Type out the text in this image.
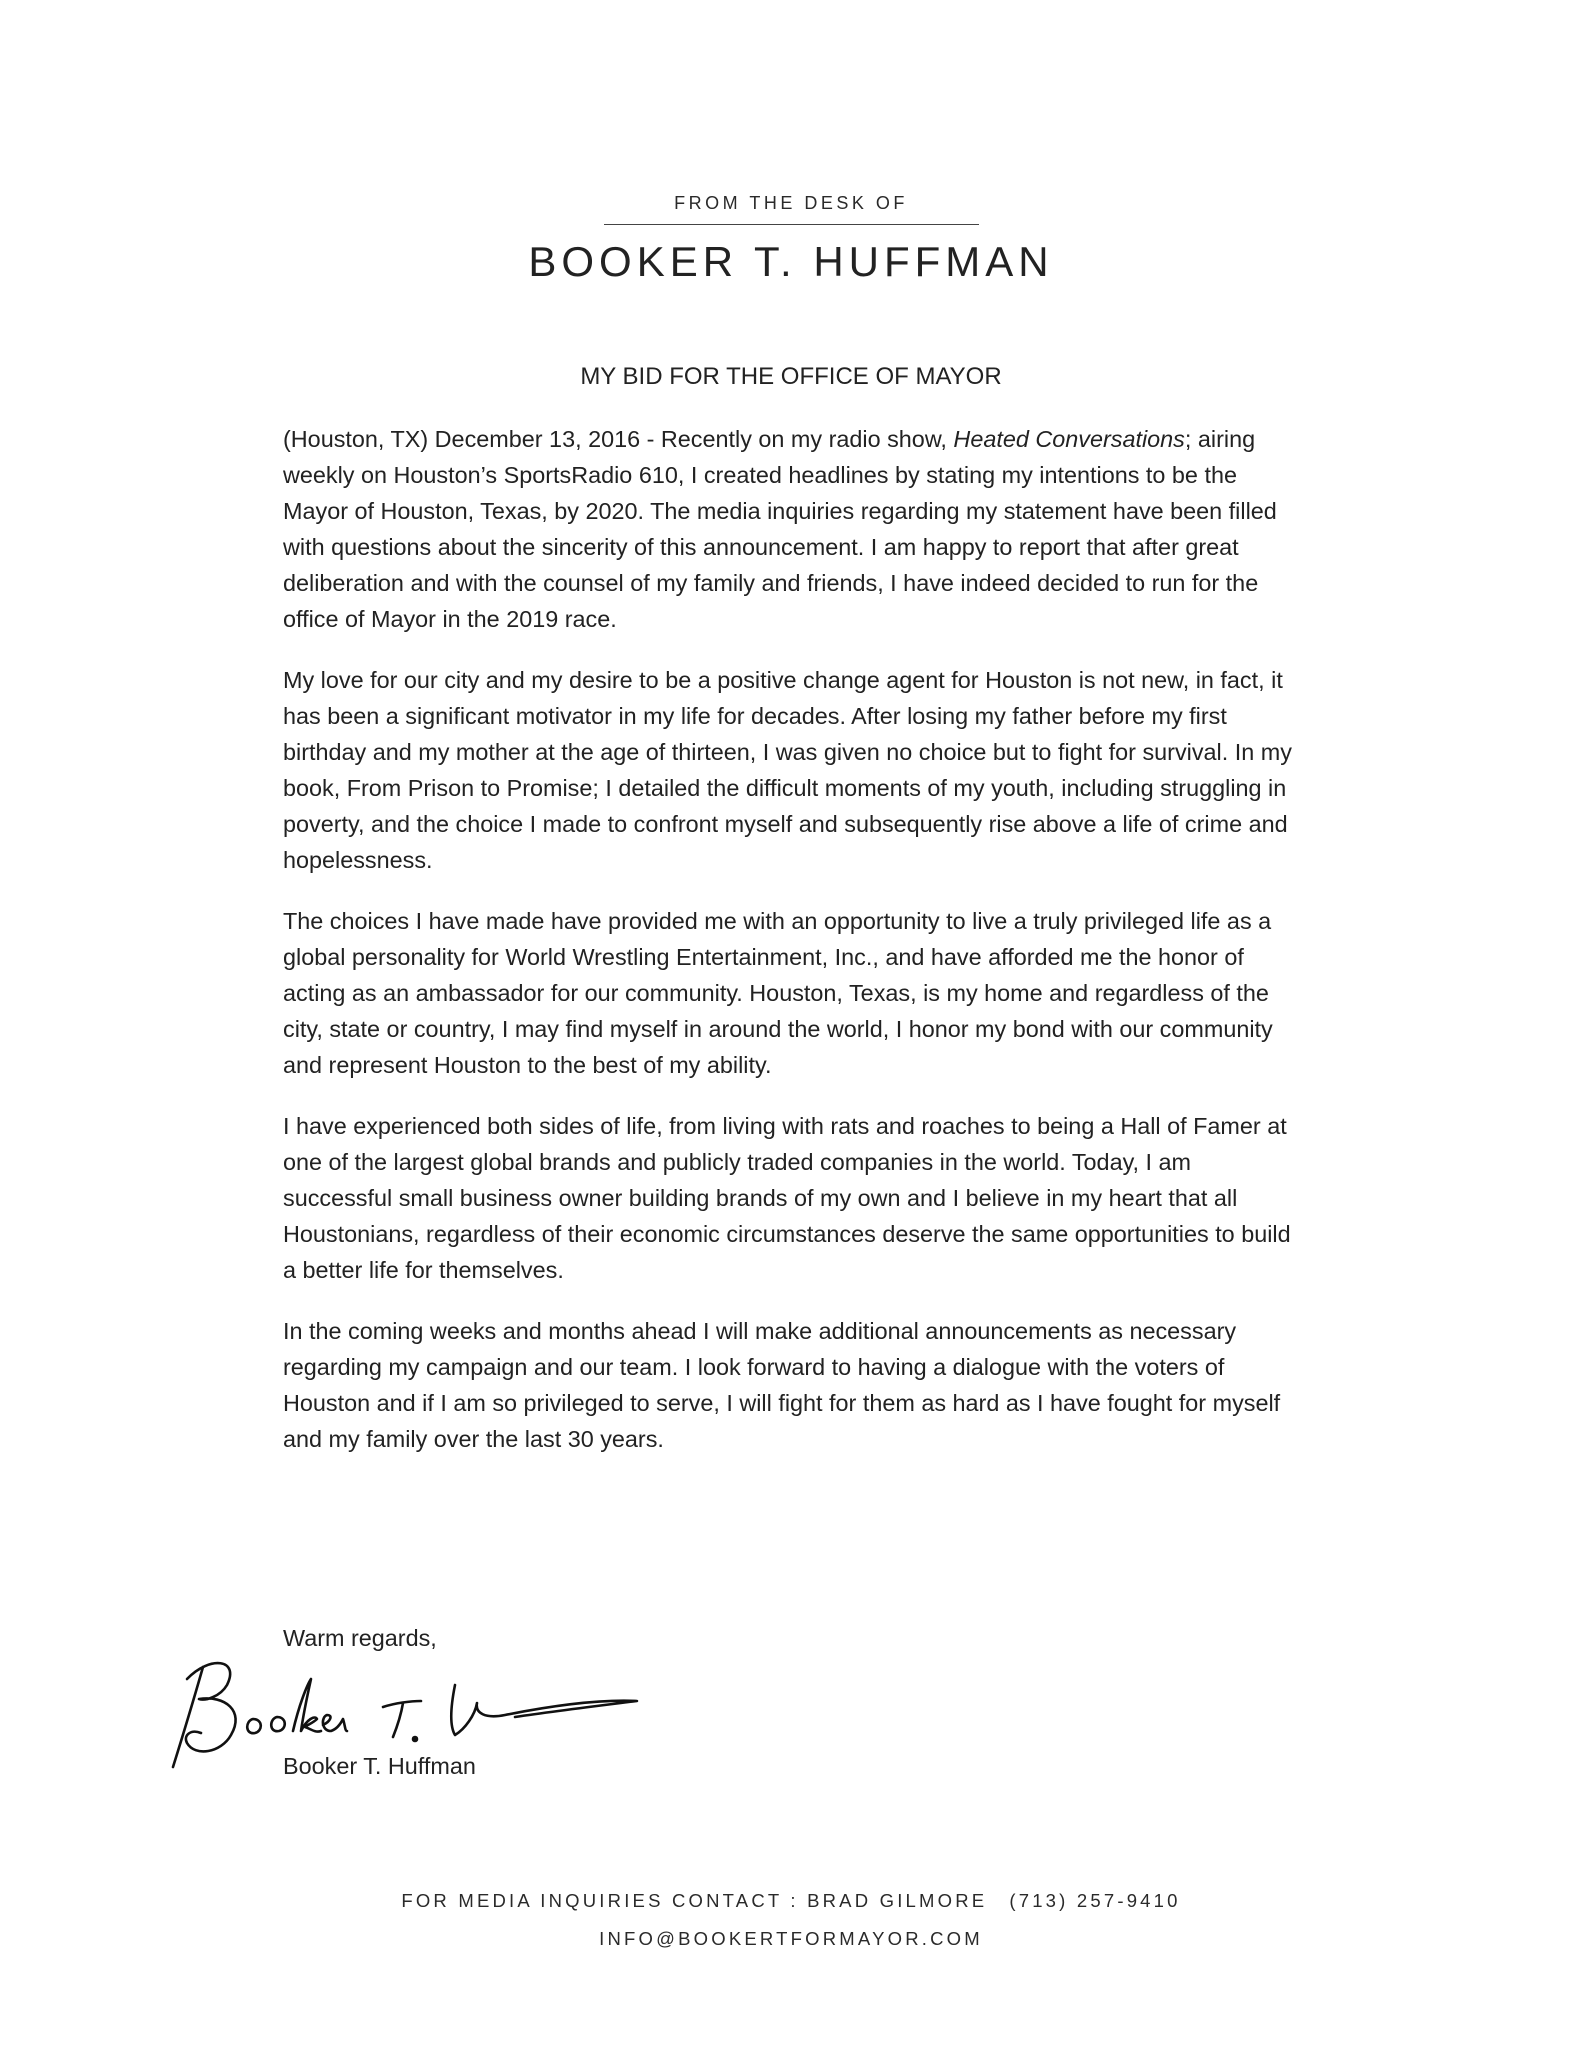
FROM THE DESK OF
BOOKER T. HUFFMAN
MY BID FOR THE OFFICE OF MAYOR

(Houston, TX) December 13, 2016 - Recently on my radio show, Heated Conversations; airing weekly on Houston’s SportsRadio 610, I created headlines by stating my intentions to be the Mayor of Houston, Texas, by 2020. The media inquiries regarding my statement have been filled with questions about the sincerity of this announcement. I am happy to report that after great deliberation and with the counsel of my family and friends, I have indeed decided to run for the office of Mayor in the 2019 race.

My love for our city and my desire to be a positive change agent for Houston is not new, in fact, it has been a significant motivator in my life for decades. After losing my father before my first birthday and my mother at the age of thirteen, I was given no choice but to fight for survival. In my book, From Prison to Promise; I detailed the difficult moments of my youth, including struggling in poverty, and the choice I made to confront myself and subsequently rise above a life of crime and hopelessness.

The choices I have made have provided me with an opportunity to live a truly privileged life as a global personality for World Wrestling Entertainment, Inc., and have afforded me the honor of acting as an ambassador for our community. Houston, Texas, is my home and regardless of the city, state or country, I may find myself in around the world, I honor my bond with our community and represent Houston to the best of my ability.

I have experienced both sides of life, from living with rats and roaches to being a Hall of Famer at one of the largest global brands and publicly traded companies in the world. Today, I am successful small business owner building brands of my own and I believe in my heart that all Houstonians, regardless of their economic circumstances deserve the same opportunities to build a better life for themselves.

In the coming weeks and months ahead I will make additional announcements as necessary regarding my campaign and our team. I look forward to having a dialogue with the voters of Houston and if I am so privileged to serve, I will fight for them as hard as I have fought for myself and my family over the last 30 years.

Warm regards,
Booker T. Huffman
FOR MEDIA INQUIRIES CONTACT : BRAD GILMORE (713) 257-9410
INFO@BOOKERTFORMAYOR.COM
